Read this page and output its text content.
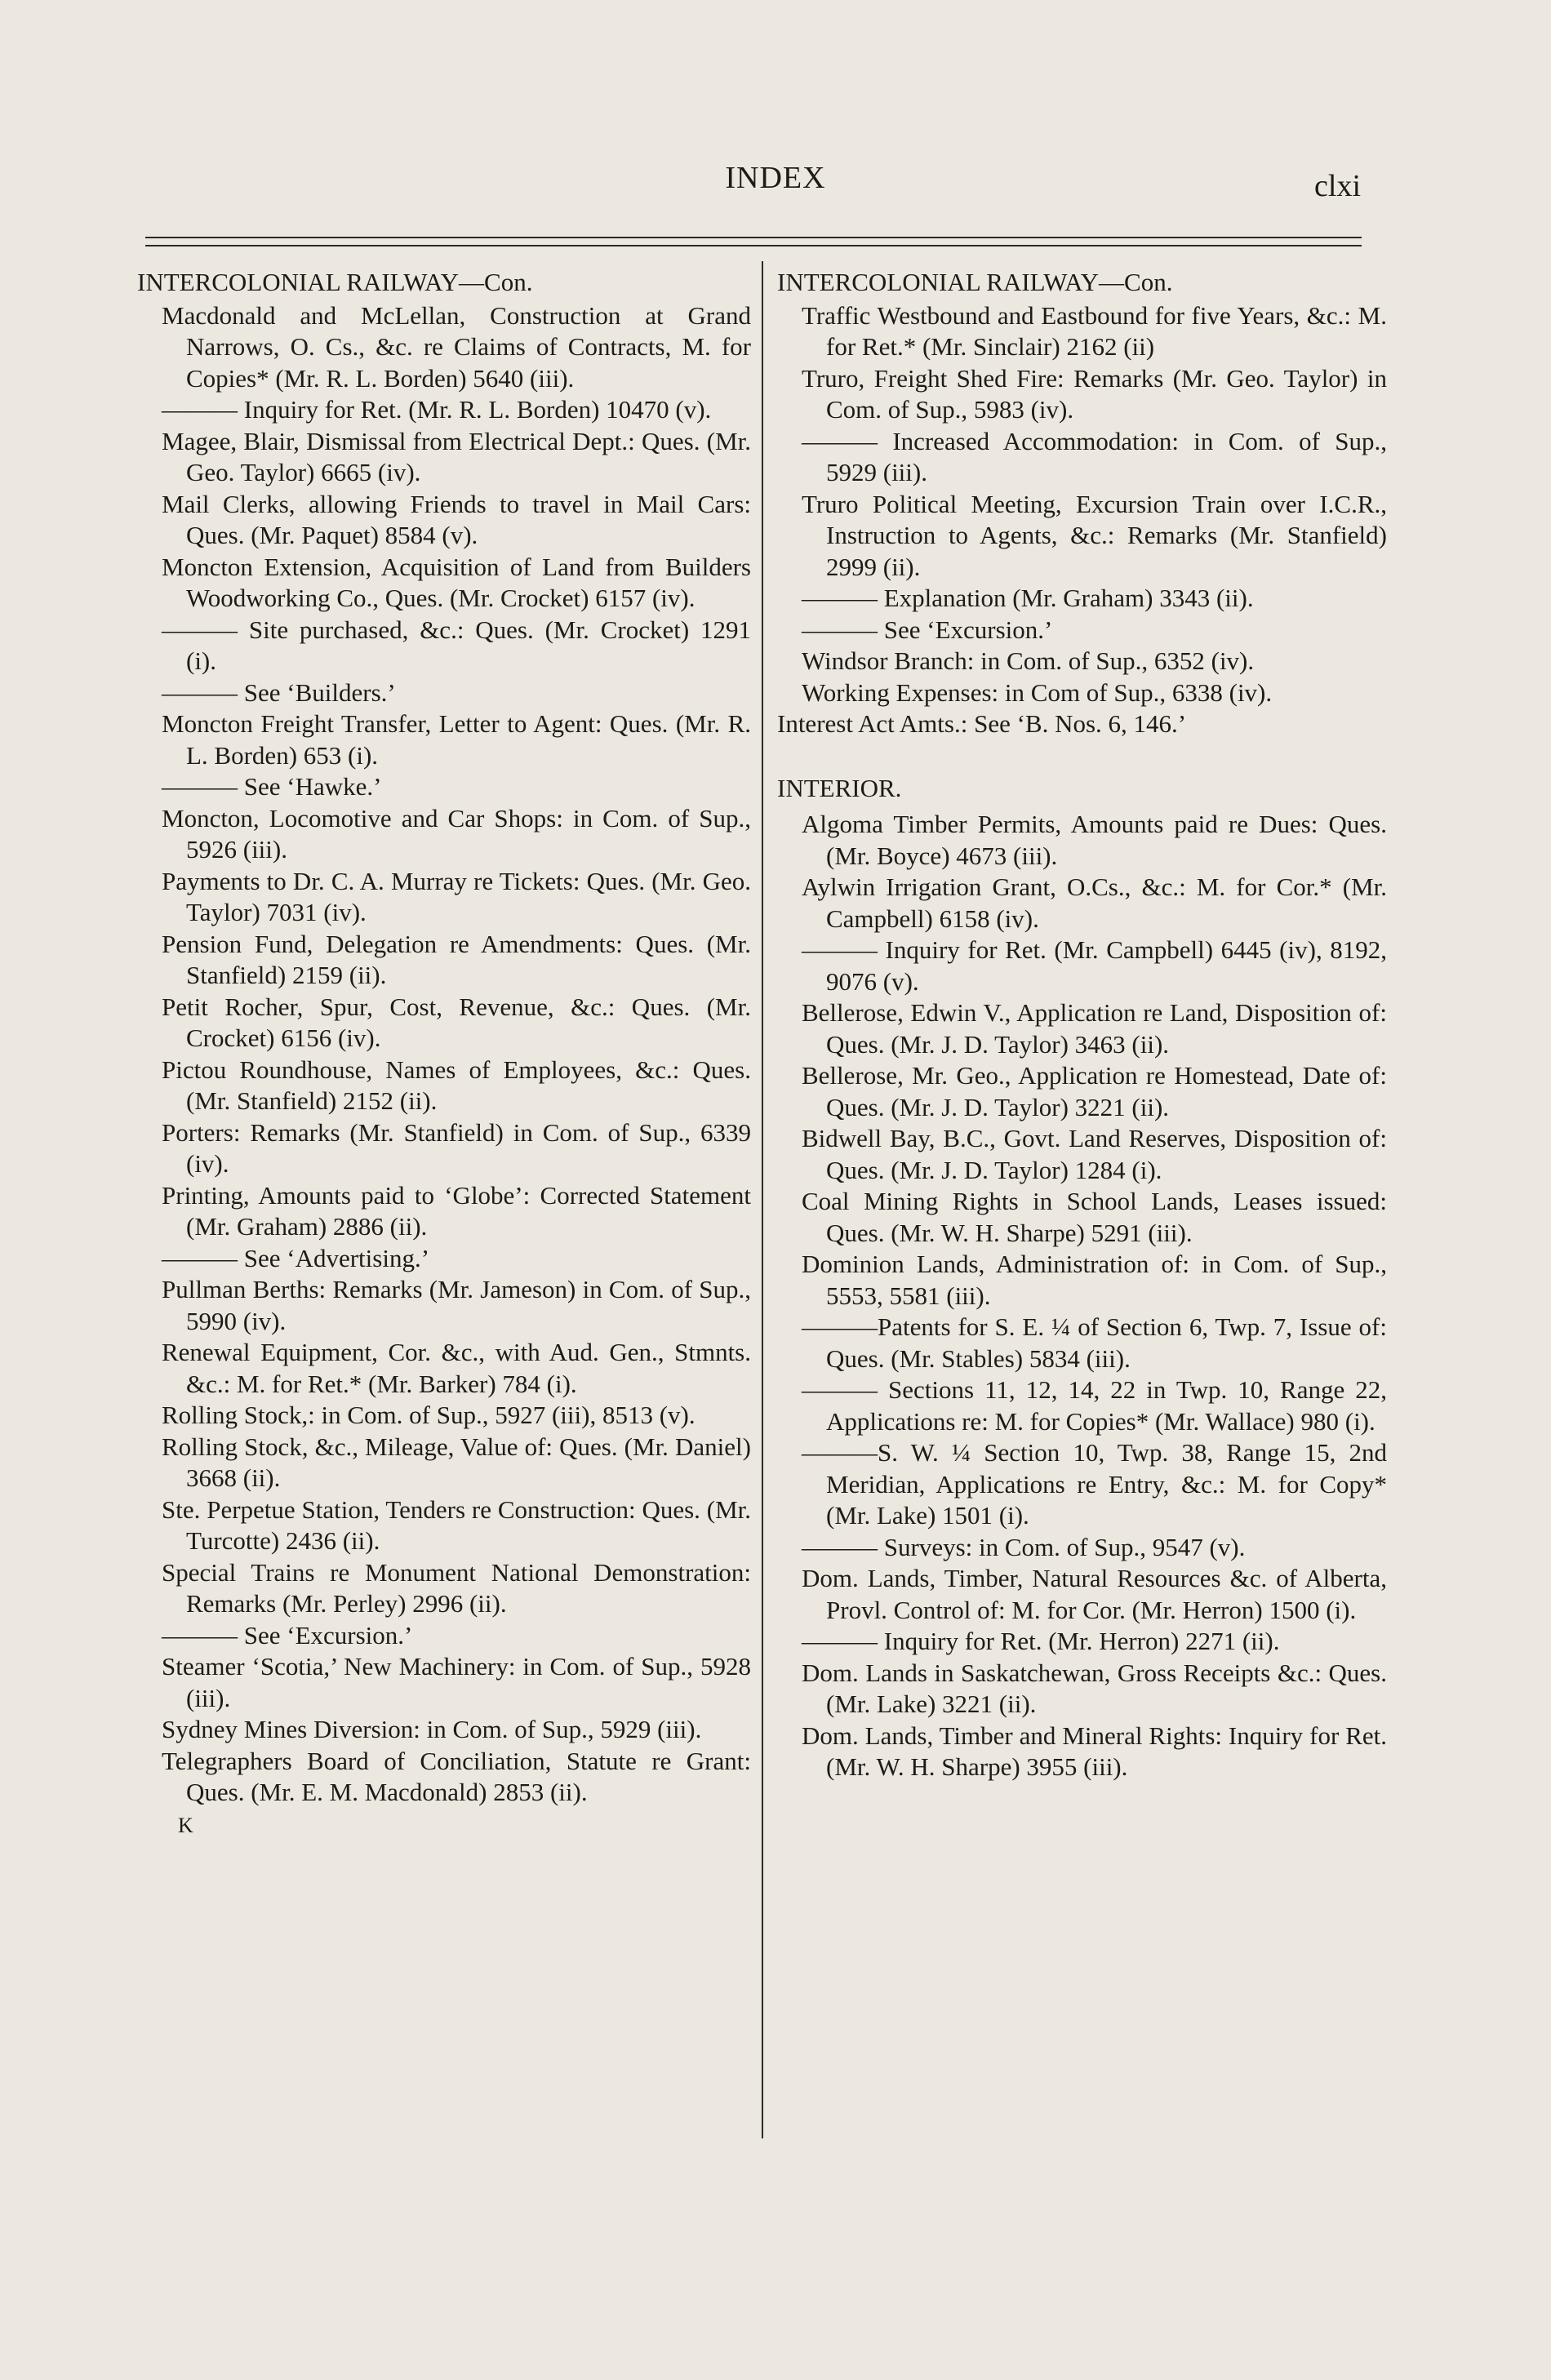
INDEX	clxi
INTERCOLONIAL RAILWAY—Con.
Macdonald and McLellan, Construction at Grand Narrows, O. Cs., &c. re Claims of Contracts, M. for Copies* (Mr. R. L. Borden) 5640 (iii).
——— Inquiry for Ret. (Mr. R. L. Borden) 10470 (v).
Magee, Blair, Dismissal from Electrical Dept.: Ques. (Mr. Geo. Taylor) 6665 (iv).
Mail Clerks, allowing Friends to travel in Mail Cars: Ques. (Mr. Paquet) 8584 (v).
Moncton Extension, Acquisition of Land from Builders Woodworking Co., Ques. (Mr. Crocket) 6157 (iv).
——— Site purchased, &c.: Ques. (Mr. Crocket) 1291 (i).
——— See ‘Builders.’
Moncton Freight Transfer, Letter to Agent: Ques. (Mr. R. L. Borden) 653 (i).
——— See ‘Hawke.’
Moncton, Locomotive and Car Shops: in Com. of Sup., 5926 (iii).
Payments to Dr. C. A. Murray re Tickets: Ques. (Mr. Geo. Taylor) 7031 (iv).
Pension Fund, Delegation re Amendments: Ques. (Mr. Stanfield) 2159 (ii).
Petit Rocher, Spur, Cost, Revenue, &c.: Ques. (Mr. Crocket) 6156 (iv).
Pictou Roundhouse, Names of Employees, &c.: Ques. (Mr. Stanfield) 2152 (ii).
Porters: Remarks (Mr. Stanfield) in Com. of Sup., 6339 (iv).
Printing, Amounts paid to ‘Globe’: Corrected Statement (Mr. Graham) 2886 (ii).
——— See ‘Advertising.’
Pullman Berths: Remarks (Mr. Jameson) in Com. of Sup., 5990 (iv).
Renewal Equipment, Cor. &c., with Aud. Gen., Stmnts. &c.: M. for Ret.* (Mr. Barker) 784 (i).
Rolling Stock,: in Com. of Sup., 5927 (iii), 8513 (v).
Rolling Stock, &c., Mileage, Value of: Ques. (Mr. Daniel) 3668 (ii).
Ste. Perpetue Station, Tenders re Construction: Ques. (Mr. Turcotte) 2436 (ii).
Special Trains re Monument National Demonstration: Remarks (Mr. Perley) 2996 (ii).
——— See ‘Excursion.’
Steamer ‘Scotia,’ New Machinery: in Com. of Sup., 5928 (iii).
Sydney Mines Diversion: in Com. of Sup., 5929 (iii).
Telegraphers Board of Conciliation, Statute re Grant: Ques. (Mr. E. M. Macdonald) 2853 (ii).
K
INTERCOLONIAL RAILWAY—Con.
Traffic Westbound and Eastbound for five Years, &c.: M. for Ret.* (Mr. Sinclair) 2162 (ii)
Truro, Freight Shed Fire: Remarks (Mr. Geo. Taylor) in Com. of Sup., 5983 (iv).
——— Increased Accommodation: in Com. of Sup., 5929 (iii).
Truro Political Meeting, Excursion Train over I.C.R., Instruction to Agents, &c.: Remarks (Mr. Stanfield) 2999 (ii).
——— Explanation (Mr. Graham) 3343 (ii).
——— See ‘Excursion.’
Windsor Branch: in Com. of Sup., 6352 (iv).
Working Expenses: in Com of Sup., 6338 (iv).
Interest Act Amts.: See ‘B. Nos. 6, 146.’
INTERIOR.
Algoma Timber Permits, Amounts paid re Dues: Ques. (Mr. Boyce) 4673 (iii).
Aylwin Irrigation Grant, O.Cs., &c.: M. for Cor.* (Mr. Campbell) 6158 (iv).
——— Inquiry for Ret. (Mr. Campbell) 6445 (iv), 8192, 9076 (v).
Bellerose, Edwin V., Application re Land, Disposition of: Ques. (Mr. J. D. Taylor) 3463 (ii).
Bellerose, Mr. Geo., Application re Homestead, Date of: Ques. (Mr. J. D. Taylor) 3221 (ii).
Bidwell Bay, B.C., Govt. Land Reserves, Disposition of: Ques. (Mr. J. D. Taylor) 1284 (i).
Coal Mining Rights in School Lands, Leases issued: Ques. (Mr. W. H. Sharpe) 5291 (iii).
Dominion Lands, Administration of: in Com. of Sup., 5553, 5581 (iii).
———Patents for S. E. ¼ of Section 6, Twp. 7, Issue of: Ques. (Mr. Stables) 5834 (iii).
——— Sections 11, 12, 14, 22 in Twp. 10, Range 22, Applications re: M. for Copies* (Mr. Wallace) 980 (i).
———S. W. ¼ Section 10, Twp. 38, Range 15, 2nd Meridian, Applications re Entry, &c.: M. for Copy* (Mr. Lake) 1501 (i).
——— Surveys: in Com. of Sup., 9547 (v).
Dom. Lands, Timber, Natural Resources &c. of Alberta, Provl. Control of: M. for Cor. (Mr. Herron) 1500 (i).
——— Inquiry for Ret. (Mr. Herron) 2271 (ii).
Dom. Lands in Saskatchewan, Gross Receipts &c.: Ques. (Mr. Lake) 3221 (ii).
Dom. Lands, Timber and Mineral Rights: Inquiry for Ret. (Mr. W. H. Sharpe) 3955 (iii).
